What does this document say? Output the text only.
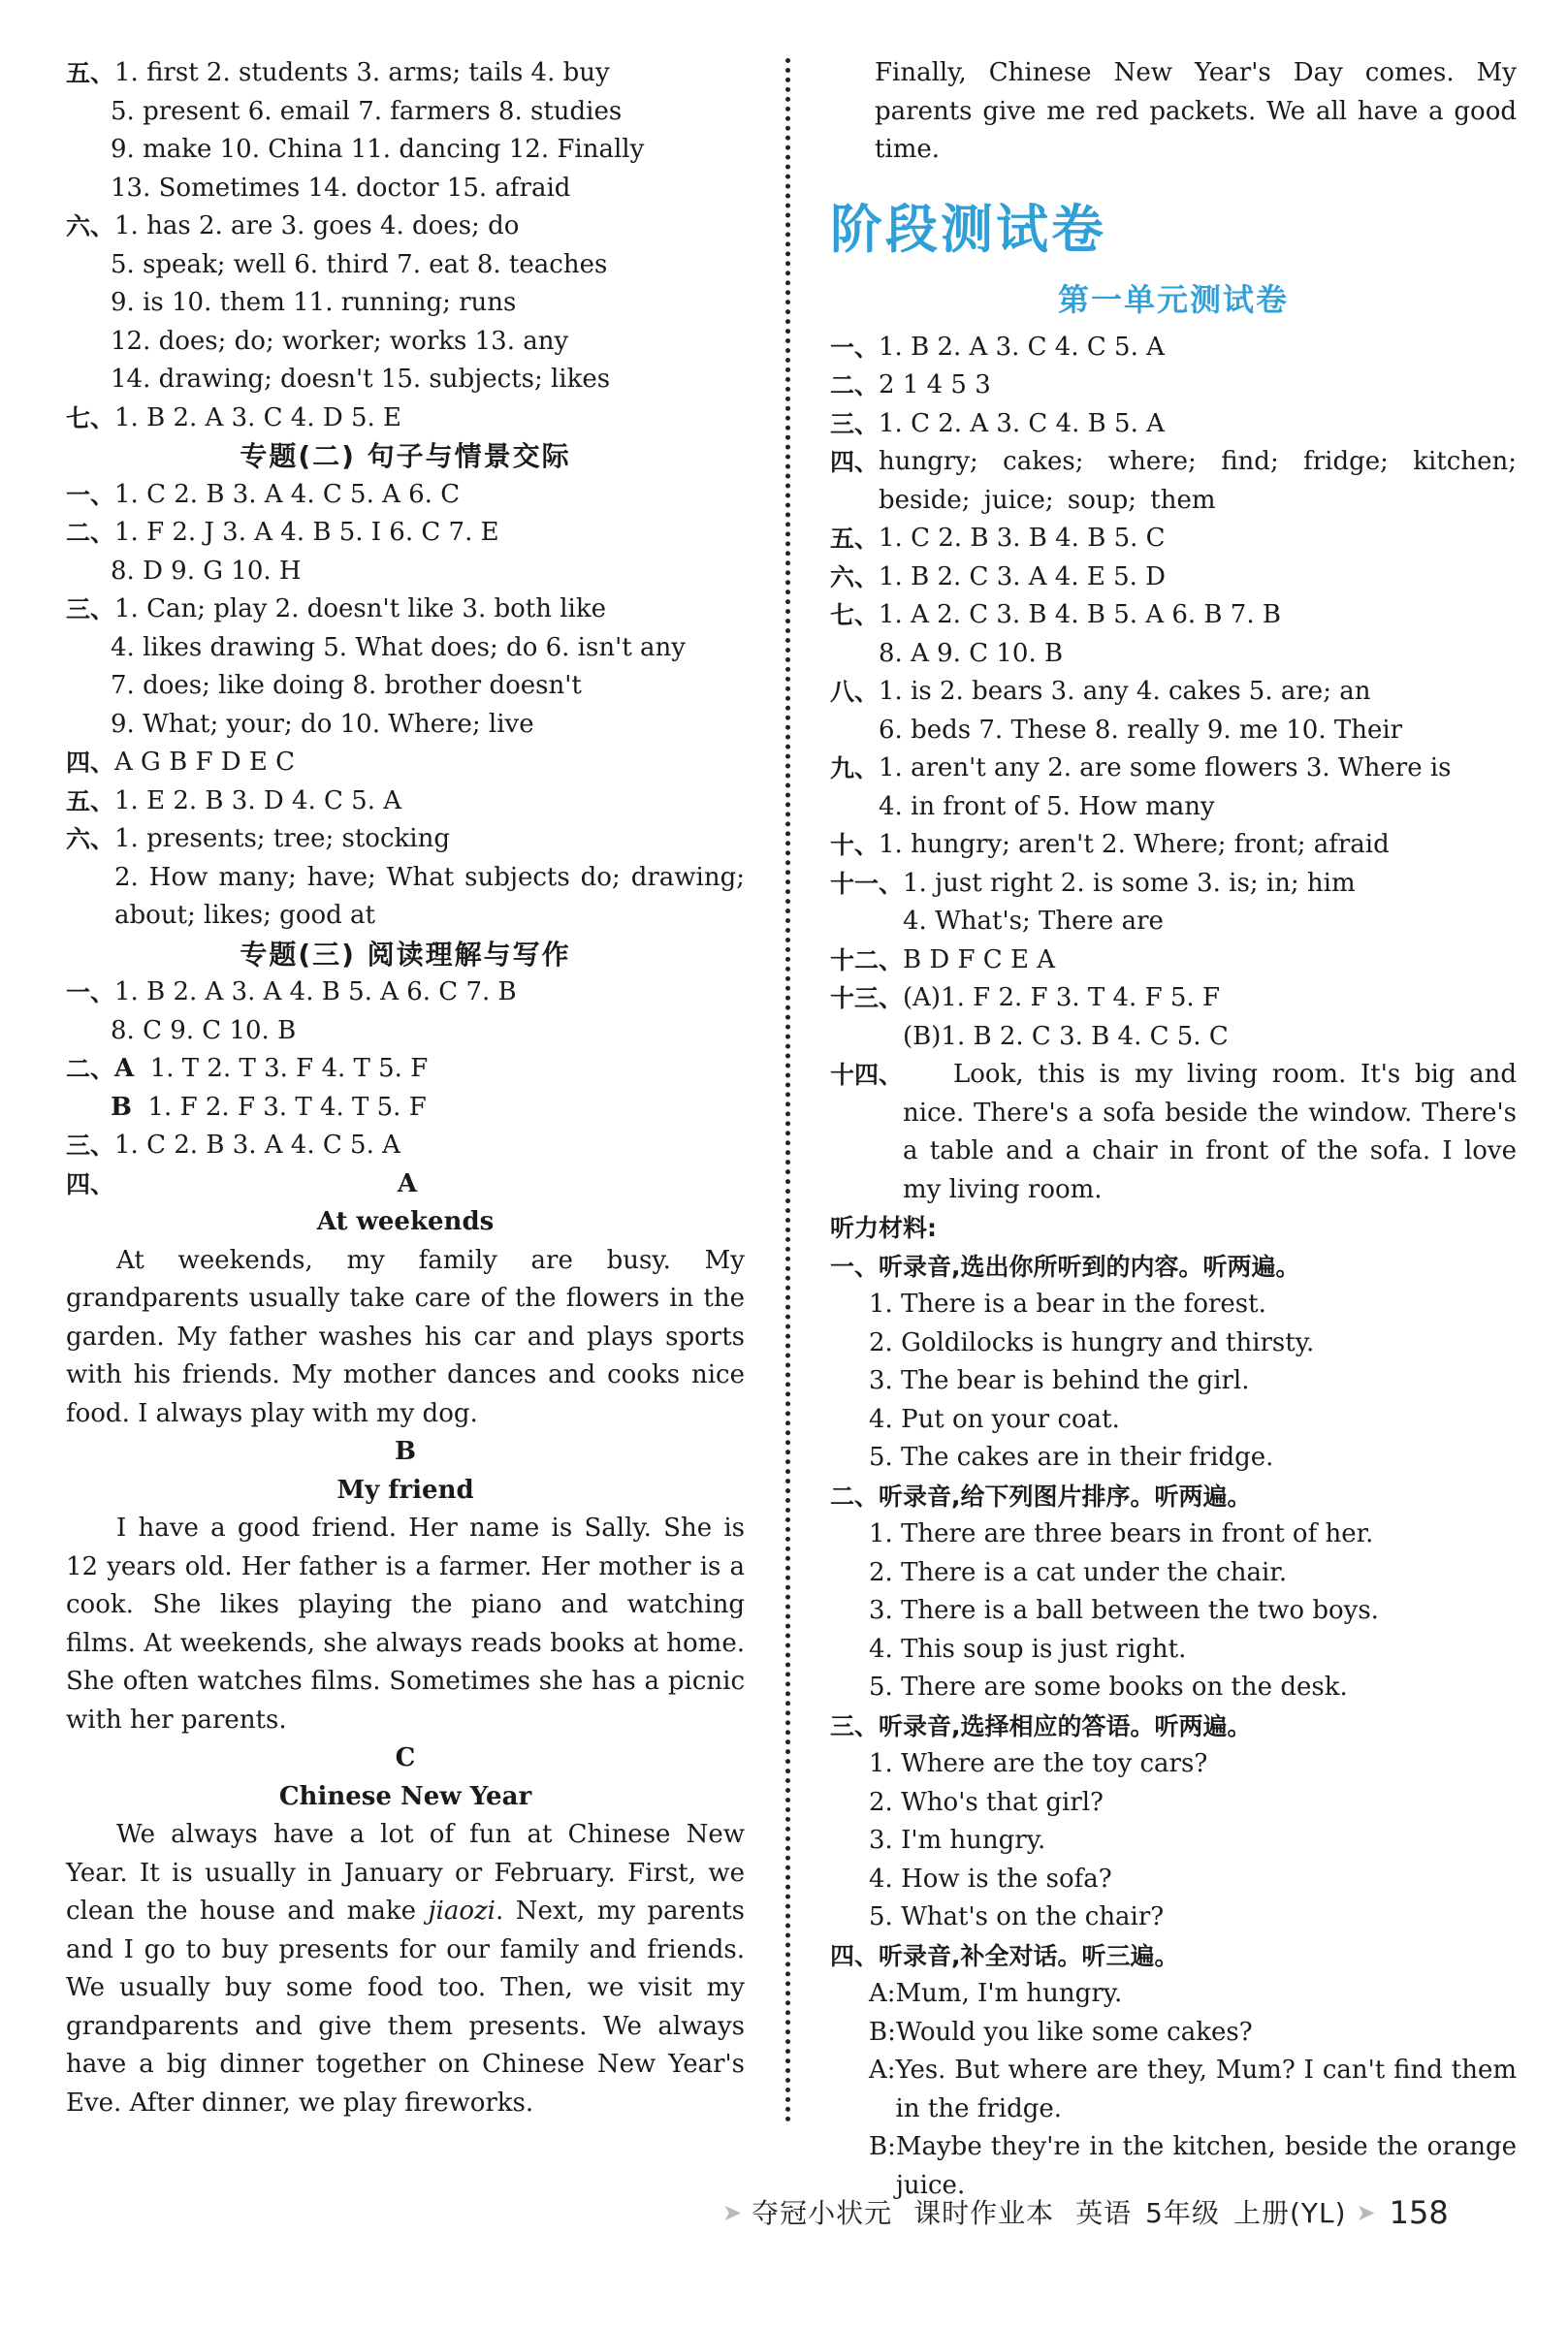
五、 1. first 2. students 3. arms; tails 4. buy
5. present 6. email 7. farmers 8. studies
9. make 10. China 11. dancing 12. Finally
13. Sometimes 14. doctor 15. afraid
六、 1. has 2. are 3. goes 4. does; do
5. speak; well 6. third 7. eat 8. teaches
9. is 10. them 11. running; runs
12. does; do; worker; works 13. any
14. drawing; doesn't 15. subjects; likes
七、 1. B 2. A 3. C 4. D 5. E
专题(二) 句子与情景交际
一、 1. C 2. B 3. A 4. C 5. A 6. C
二、 1. F 2. J 3. A 4. B 5. I 6. C 7. E
8. D 9. G 10. H
三、 1. Can; play 2. doesn't like 3. both like
4. likes drawing 5. What does; do 6. isn't any
7. does; like doing 8. brother doesn't
9. What; your; do 10. Where; live
四、 A G B F D E C
五、 1. E 2. B 3. D 4. C 5. A
六、 1. presents; tree; stocking
2. How many; have; What subjects do; drawing; about; likes; good at
专题(三) 阅读理解与写作
一、 1. B 2. A 3. A 4. B 5. A 6. C 7. B
8. C 9. C 10. B
二、 A 1. T 2. T 3. F 4. T 5. F
B 1. F 2. F 3. T 4. T 5. F
三、 1. C 2. B 3. A 4. C 5. A
四、	A
At weekends
At weekends, my family are busy. My grandparents usually take care of the flowers in the garden. My father washes his car and plays sports with his friends. My mother dances and cooks nice food. I always play with my dog.
B
My friend
I have a good friend. Her name is Sally. She is 12 years old. Her father is a farmer. Her mother is a cook. She likes playing the piano and watching films. At weekends, she always reads books at home. She often watches films. Sometimes she has a picnic with her parents.
C
Chinese New Year
We always have a lot of fun at Chinese New Year. It is usually in January or February. First, we clean the house and make jiaozi. Next, my parents and I go to buy presents for our family and friends. We usually buy some food too. Then, we visit my grandparents and give them presents. We always have a big dinner together on Chinese New Year's Eve. After dinner, we play fireworks.
Finally, Chinese New Year's Day comes. My parents give me red packets. We all have a good time.
阶段测试卷
第一单元测试卷
一、 1. B 2. A 3. C 4. C 5. A
二、 2 1 4 5 3
三、 1. C 2. A 3. C 4. B 5. A
四、 hungry; cakes; where; find; fridge; kitchen; beside; juice; soup; them
五、 1. C 2. B 3. B 4. B 5. C
六、 1. B 2. C 3. A 4. E 5. D
七、 1. A 2. C 3. B 4. B 5. A 6. B 7. B
8. A 9. C 10. B
八、 1. is 2. bears 3. any 4. cakes 5. are; an
6. beds 7. These 8. really 9. me 10. Their
九、 1. aren't any 2. are some flowers 3. Where is
4. in front of 5. How many
十、 1. hungry; aren't 2. Where; front; afraid
十一、 1. just right 2. is some 3. is; in; him
4. What's; There are
十二、 B D F C E A
十三、 (A)1. F 2. F 3. T 4. F 5. F
(B)1. B 2. C 3. B 4. C 5. C
十四、	Look, this is my living room. It's big and nice. There's a sofa beside the window. There's a table and a chair in front of the sofa. I love my living room.
听力材料:
一、听录音,选出你所听到的内容。听两遍。
1. There is a bear in the forest.
2. Goldilocks is hungry and thirsty.
3. The bear is behind the girl.
4. Put on your coat.
5. The cakes are in their fridge.
二、听录音,给下列图片排序。听两遍。
1. There are three bears in front of her.
2. There is a cat under the chair.
3. There is a ball between the two boys.
4. This soup is just right.
5. There are some books on the desk.
三、听录音,选择相应的答语。听两遍。
1. Where are the toy cars?
2. Who's that girl?
3. I'm hungry.
4. How is the sofa?
5. What's on the chair?
四、听录音,补全对话。听三遍。
A: Mum, I'm hungry.
B: Would you like some cakes?
A: Yes. But where are they, Mum? I can't find them in the fridge.
B: Maybe they're in the kitchen, beside the orange juice.
➤ 夺冠小状元 课时作业本 英语 5年级 上册(YL) ➤ 158
